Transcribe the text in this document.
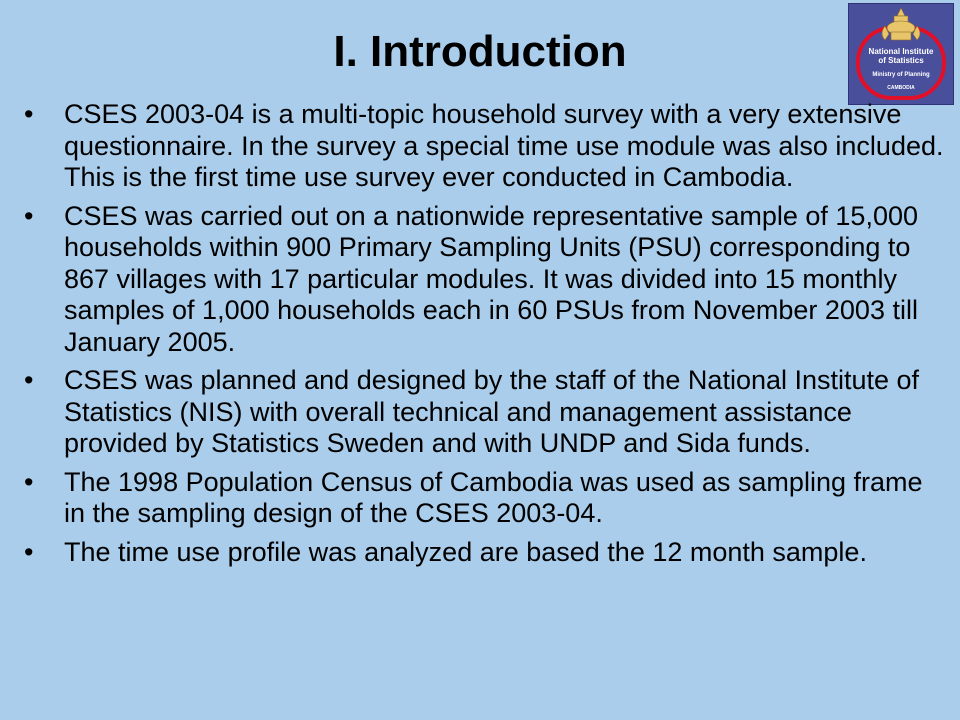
I. Introduction	National Institute
of Statistics
Ministry of Planning
CAMBODIA
•	CSES 2003-04 is a multi-topic household survey with a very extensive questionnaire. In the survey a special time use module was also included. This is the first time use survey ever conducted in Cambodia.
•	CSES was carried out on a nationwide representative sample of 15,000 households within 900 Primary Sampling Units (PSU) corresponding to 867 villages with 17 particular modules. It was divided into 15 monthly samples of 1,000 households each in 60 PSUs from November 2003 till January 2005.
•	CSES was planned and designed by the staff of the National Institute of Statistics (NIS) with overall technical and management assistance provided by Statistics Sweden and with UNDP and Sida funds.
•	The 1998 Population Census of Cambodia was used as sampling frame in the sampling design of the CSES 2003-04.
•	The time use profile was analyzed are based the 12 month sample.
